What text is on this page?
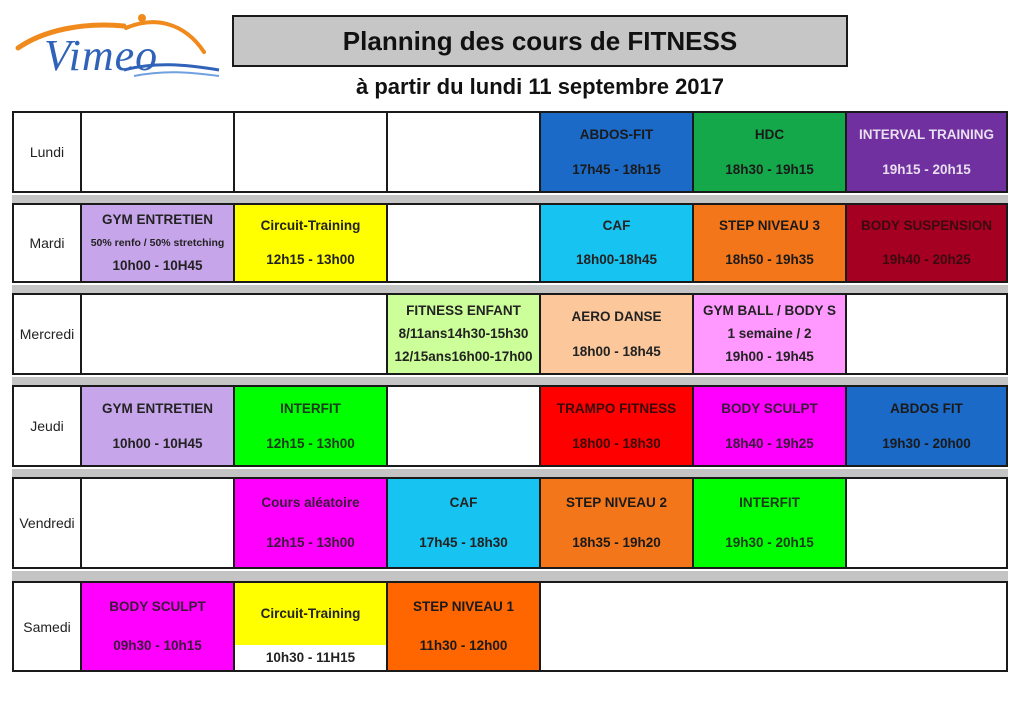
Vimeo	Planning des cours de FITNESS
à partir du lundi 11 septembre 2017
Lundi
ABDOS-FIT
17h45 - 18h15
HDC
18h30 - 19h15
INTERVAL TRAINING
19h15 - 20h15
Mardi
GYM ENTRETIEN
50% renfo / 50% stretching
10h00 - 10H45
Circuit-Training
12h15 - 13h00
CAF
18h00-18h45
STEP NIVEAU 3
18h50 - 19h35
BODY SUSPENSION
19h40 - 20h25
Mercredi
FITNESS ENFANT
8/11ans14h30-15h30
12/15ans16h00-17h00
AERO DANSE
18h00 - 18h45
GYM BALL / BODY S
1 semaine / 2
19h00 - 19h45
Jeudi
GYM ENTRETIEN
10h00 - 10H45
INTERFIT
12h15 - 13h00
TRAMPO FITNESS
18h00 - 18h30
BODY SCULPT
18h40 - 19h25
ABDOS FIT
19h30 - 20h00
Vendredi
Cours aléatoire
12h15 - 13h00
CAF
17h45 - 18h30
STEP NIVEAU 2
18h35 - 19h20
INTERFIT
19h30 - 20h15
Samedi
BODY SCULPT
09h30 - 10h15
Circuit-Training
10h30 - 11H15
STEP NIVEAU 1
11h30 - 12h00
